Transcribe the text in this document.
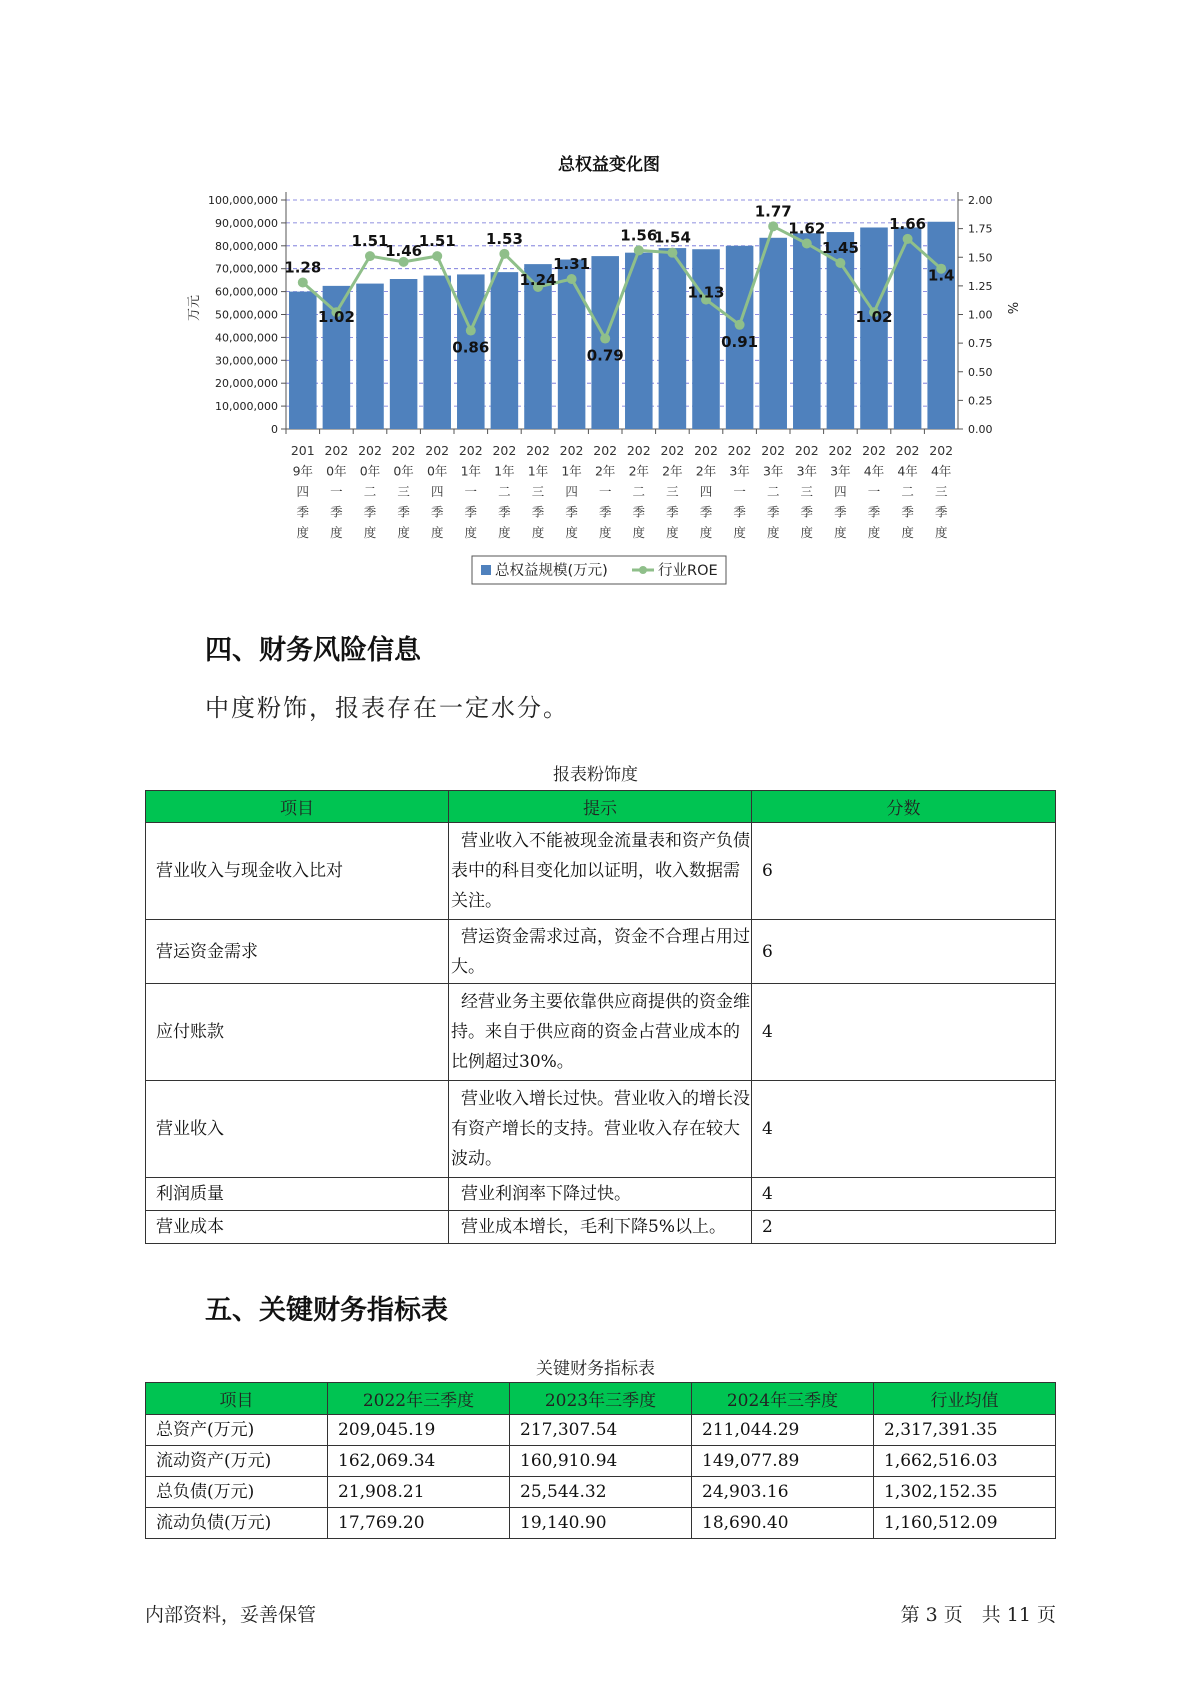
总权益变化图
100,000,000
90,000,000
80,000,000
70,000,000
60,000,000
50,000,000
40,000,000
30,000,000
20,000,000
10,000,000
0
2.00
1.75
1.50
1.25
1.00
0.75
0.50
0.25
0.00
万元	%
201
9年
四
季
度
202
0年
一
季
度
202
0年
二
季
度
202
0年
三
季
度
202
0年
四
季
度
202
1年
一
季
度
202
1年
二
季
度
202
1年
三
季
度
202
1年
四
季
度
202
2年
一
季
度
202
2年
二
季
度
202
2年
三
季
度
202
2年
四
季
度
202
3年
一
季
度
202
3年
二
季
度
202
3年
三
季
度
202
3年
四
季
度
202
4年
一
季
度
202
4年
二
季
度
202
4年
三
季
度
1.28
1.02
1.51
1.46
1.51
0.86
1.53
1.24
1.31
0.79
1.56
1.54
1.13
0.91
1.77
1.62
1.45
1.02
1.66
1.4
总权益规模(万元)	行业ROE
四、财务风险信息

中度粉饰，报表存在一定水分。

报表粉饰度
项目	提示	分数
营业收入与现金收入比对	营业收入不能被现金流量表和资产负债表中的科目变化加以证明，收入数据需关注。	6
营运资金需求	营运资金需求过高，资金不合理占用过大。	6
应付账款	经营业务主要依靠供应商提供的资金维持。来自于供应商的资金占营业成本的比例超过30%。	4
营业收入	营业收入增长过快。营业收入的增长没有资产增长的支持。营业收入存在较大波动。	4
利润质量	营业利润率下降过快。	4
营业成本	营业成本增长，毛利下降5%以上。	2
五、关键财务指标表
关键财务指标表
项目	2022年三季度	2023年三季度	2024年三季度	行业均值
总资产(万元)	209,045.19	217,307.54	211,044.29	2,317,391.35
流动资产(万元)	162,069.34	160,910.94	149,077.89	1,662,516.03
总负债(万元)	21,908.21	25,544.32	24,903.16	1,302,152.35
流动负债(万元)	17,769.20	19,140.90	18,690.40	1,160,512.09
内部资料，妥善保管	第 3 页　共 11 页
